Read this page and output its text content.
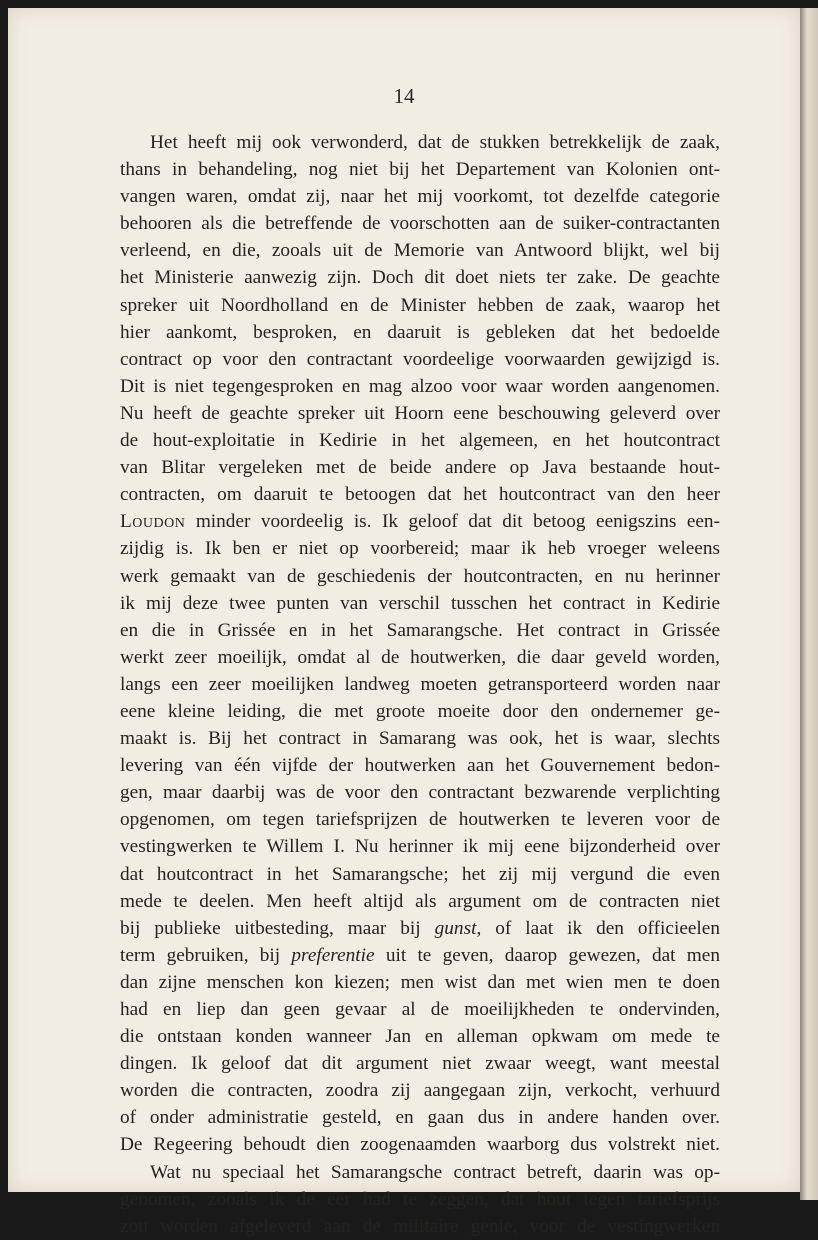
14
Het heeft mij ook verwonderd, dat de stukken betrekkelijk de zaak,
thans in behandeling, nog niet bij het Departement van Kolonien ont-
vangen waren, omdat zij, naar het mij voorkomt, tot dezelfde categorie
behooren als die betreffende de voorschotten aan de suiker-contractanten
verleend, en die, zooals uit de Memorie van Antwoord blijkt, wel bij
het Ministerie aanwezig zijn. Doch dit doet niets ter zake. De geachte
spreker uit Noordholland en de Minister hebben de zaak, waarop het
hier aankomt, besproken, en daaruit is gebleken dat het bedoelde
contract op voor den contractant voordeelige voorwaarden gewijzigd is.
Dit is niet tegengesproken en mag alzoo voor waar worden aangenomen.
Nu heeft de geachte spreker uit Hoorn eene beschouwing geleverd over
de hout-exploitatie in Kedirie in het algemeen, en het houtcontract
van Blitar vergeleken met de beide andere op Java bestaande hout-
contracten, om daaruit te betoogen dat het houtcontract van den heer
Loudon minder voordeelig is. Ik geloof dat dit betoog eenigszins een-
zijdig is. Ik ben er niet op voorbereid; maar ik heb vroeger weleens
werk gemaakt van de geschiedenis der houtcontracten, en nu herinner
ik mij deze twee punten van verschil tusschen het contract in Kedirie
en die in Grissée en in het Samarangsche. Het contract in Grissée
werkt zeer moeilijk, omdat al de houtwerken, die daar geveld worden,
langs een zeer moeilijken landweg moeten getransporteerd worden naar
eene kleine leiding, die met groote moeite door den ondernemer ge-
maakt is. Bij het contract in Samarang was ook, het is waar, slechts
levering van één vijfde der houtwerken aan het Gouvernement bedon-
gen, maar daarbij was de voor den contractant bezwarende verplichting
opgenomen, om tegen tariefsprijzen de houtwerken te leveren voor de
vestingwerken te Willem I. Nu herinner ik mij eene bijzonderheid over
dat houtcontract in het Samarangsche; het zij mij vergund die even
mede te deelen. Men heeft altijd als argument om de contracten niet
bij publieke uitbesteding, maar bij gunst, of laat ik den officieelen
term gebruiken, bij preferentie uit te geven, daarop gewezen, dat men
dan zijne menschen kon kiezen; men wist dan met wien men te doen
had en liep dan geen gevaar al de moeilijkheden te ondervinden,
die ontstaan konden wanneer Jan en alleman opkwam om mede te
dingen. Ik geloof dat dit argument niet zwaar weegt, want meestal
worden die contracten, zoodra zij aangegaan zijn, verkocht, verhuurd
of onder administratie gesteld, en gaan dus in andere handen over.
De Regeering behoudt dien zoogenaamden waarborg dus volstrekt niet.
Wat nu speciaal het Samarangsche contract betreft, daarin was op-
genomen, zooals ik de eer had te zeggen, dat hout tegen tariefsprijs
zou worden afgeleverd aan de militaire genie, voor de vestingwerken
